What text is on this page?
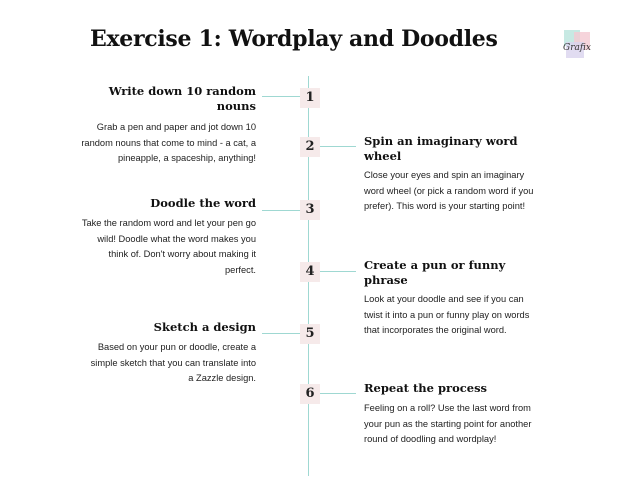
Exercise 1: Wordplay and Doodles	Grafix
1
Write down 10 random nouns
Grab a pen and paper and jot down 10 random nouns that come to mind - a cat, a pineapple, a spaceship, anything!
2	Spin an imaginary word wheel
Close your eyes and spin an imaginary word wheel (or pick a random word if you prefer). This word is your starting point!
3
Doodle the word
Take the random word and let your pen go wild! Doodle what the word makes you think of. Don't worry about making it perfect.	4	Create a pun or funny phrase
Look at your doodle and see if you can twist it into a pun or funny play on words that incorporates the original word.
5
Sketch a design
Based on your pun or doodle, create a simple sketch that you can translate into a Zazzle design.
6	Repeat the process
Feeling on a roll? Use the last word from your pun as the starting point for another round of doodling and wordplay!
